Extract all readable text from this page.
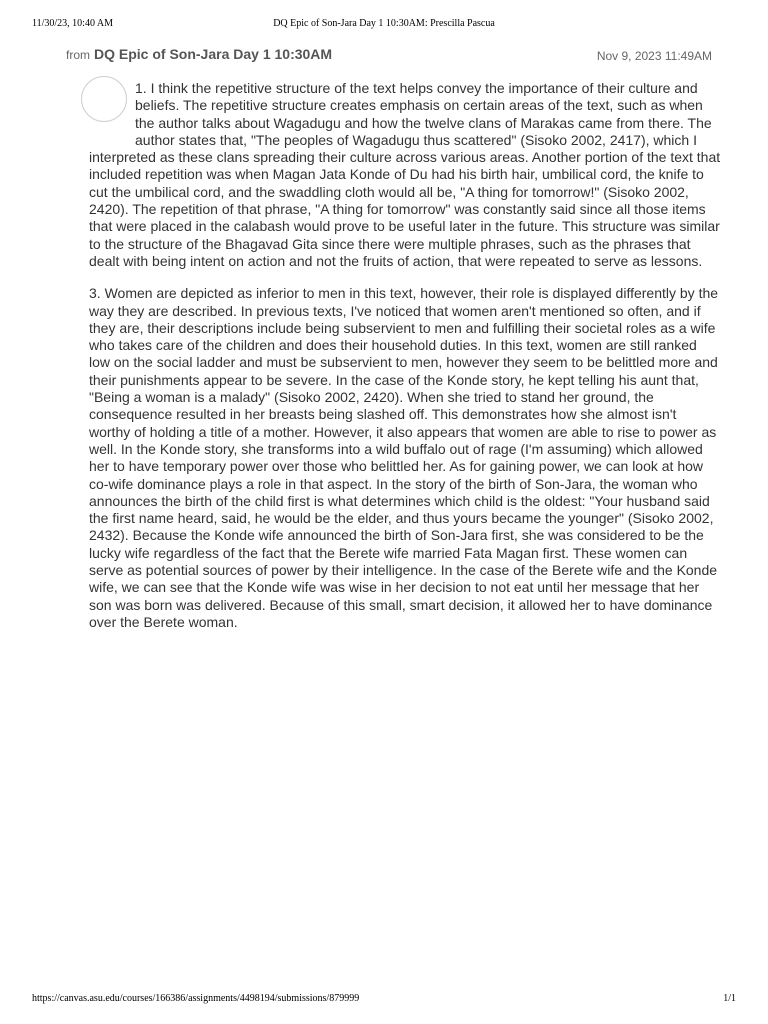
11/30/23, 10:40 AM	DQ Epic of Son-Jara Day 1 10:30AM: Prescilla Pascua
from DQ Epic of Son-Jara Day 1 10:30AM	Nov 9, 2023 11:49AM

1. I think the repetitive structure of the text helps convey the importance of their culture and beliefs. The repetitive structure creates emphasis on certain areas of the text, such as when the author talks about Wagadugu and how the twelve clans of Marakas came from there. The author states that, "The peoples of Wagadugu thus scattered" (Sisoko 2002, 2417), which I interpreted as these clans spreading their culture across various areas. Another portion of the text that included repetition was when Magan Jata Konde of Du had his birth hair, umbilical cord, the knife to cut the umbilical cord, and the swaddling cloth would all be, "A thing for tomorrow!" (Sisoko 2002, 2420). The repetition of that phrase, "A thing for tomorrow" was constantly said since all those items that were placed in the calabash would prove to be useful later in the future. This structure was similar to the structure of the Bhagavad Gita since there were multiple phrases, such as the phrases that dealt with being intent on action and not the fruits of action, that were repeated to serve as lessons.

3. Women are depicted as inferior to men in this text, however, their role is displayed differently by the way they are described. In previous texts, I've noticed that women aren't mentioned so often, and if they are, their descriptions include being subservient to men and fulfilling their societal roles as a wife who takes care of the children and does their household duties. In this text, women are still ranked low on the social ladder and must be subservient to men, however they seem to be belittled more and their punishments appear to be severe. In the case of the Konde story, he kept telling his aunt that, "Being a woman is a malady" (Sisoko 2002, 2420). When she tried to stand her ground, the consequence resulted in her breasts being slashed off. This demonstrates how she almost isn't worthy of holding a title of a mother. However, it also appears that women are able to rise to power as well. In the Konde story, she transforms into a wild buffalo out of rage (I'm assuming) which allowed her to have temporary power over those who belittled her. As for gaining power, we can look at how co-wife dominance plays a role in that aspect. In the story of the birth of Son-Jara, the woman who announces the birth of the child first is what determines which child is the oldest: "Your husband said the first name heard, said, he would be the elder, and thus yours became the younger" (Sisoko 2002, 2432). Because the Konde wife announced the birth of Son-Jara first, she was considered to be the lucky wife regardless of the fact that the Berete wife married Fata Magan first. These women can serve as potential sources of power by their intelligence. In the case of the Berete wife and the Konde wife, we can see that the Konde wife was wise in her decision to not eat until her message that her son was born was delivered. Because of this small, smart decision, it allowed her to have dominance over the Berete woman.

https://canvas.asu.edu/courses/166386/assignments/4498194/submissions/879999	1/1
